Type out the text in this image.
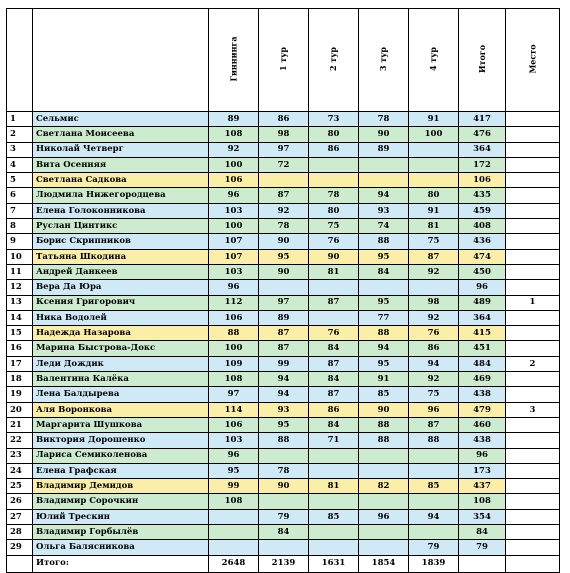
		Гиннинга	1 тур	2 тур	3 тур	4 тур	Итого	Место
1	Сельмис	89	86	73	78	91	417	
2	Светлана Моисеева	108	98	80	90	100	476	
3	Николай Четверг	92	97	86	89		364	
4	Вита Осенняя	100	72				172	
5	Светлана Садкова	106					106	
6	Людмила Нижегородцева	96	87	78	94	80	435	
7	Елена Голоконникова	103	92	80	93	91	459	
8	Руслан Цинтикс	100	78	75	74	81	408	
9	Борис Скрипников	107	90	76	88	75	436	
10	Татьяна Шкодина	107	95	90	95	87	474	
11	Андрей Данкеев	103	90	81	84	92	450	
12	Вера Да Юра	96					96	
13	Ксения Григорович	112	97	87	95	98	489	1
14	Ника Водолей	106	89		77	92	364	
15	Надежда Назарова	88	87	76	88	76	415	
16	Марина Быстрова-Докс	100	87	84	94	86	451	
17	Леди Дождик	109	99	87	95	94	484	2
18	Валентина Калёка	108	94	84	91	92	469	
19	Лена Балдырева	97	94	87	85	75	438	
20	Аля Воронкова	114	93	86	90	96	479	3
21	Маргарита Шушкова	106	95	84	88	87	460	
22	Виктория Дорошенко	103	88	71	88	88	438	
23	Лариса Семиколенова	96					96	
24	Елена Графская	95	78				173	
25	Владимир Демидов	99	90	81	82	85	437	
26	Владимир Сорочкин	108					108	
27	Юлий Трескин		79	85	96	94	354	
28	Владимир Горбылёв		84				84	
29	Ольга Балясникова					79	79	
	Итого:	2648	2139	1631	1854	1839		
